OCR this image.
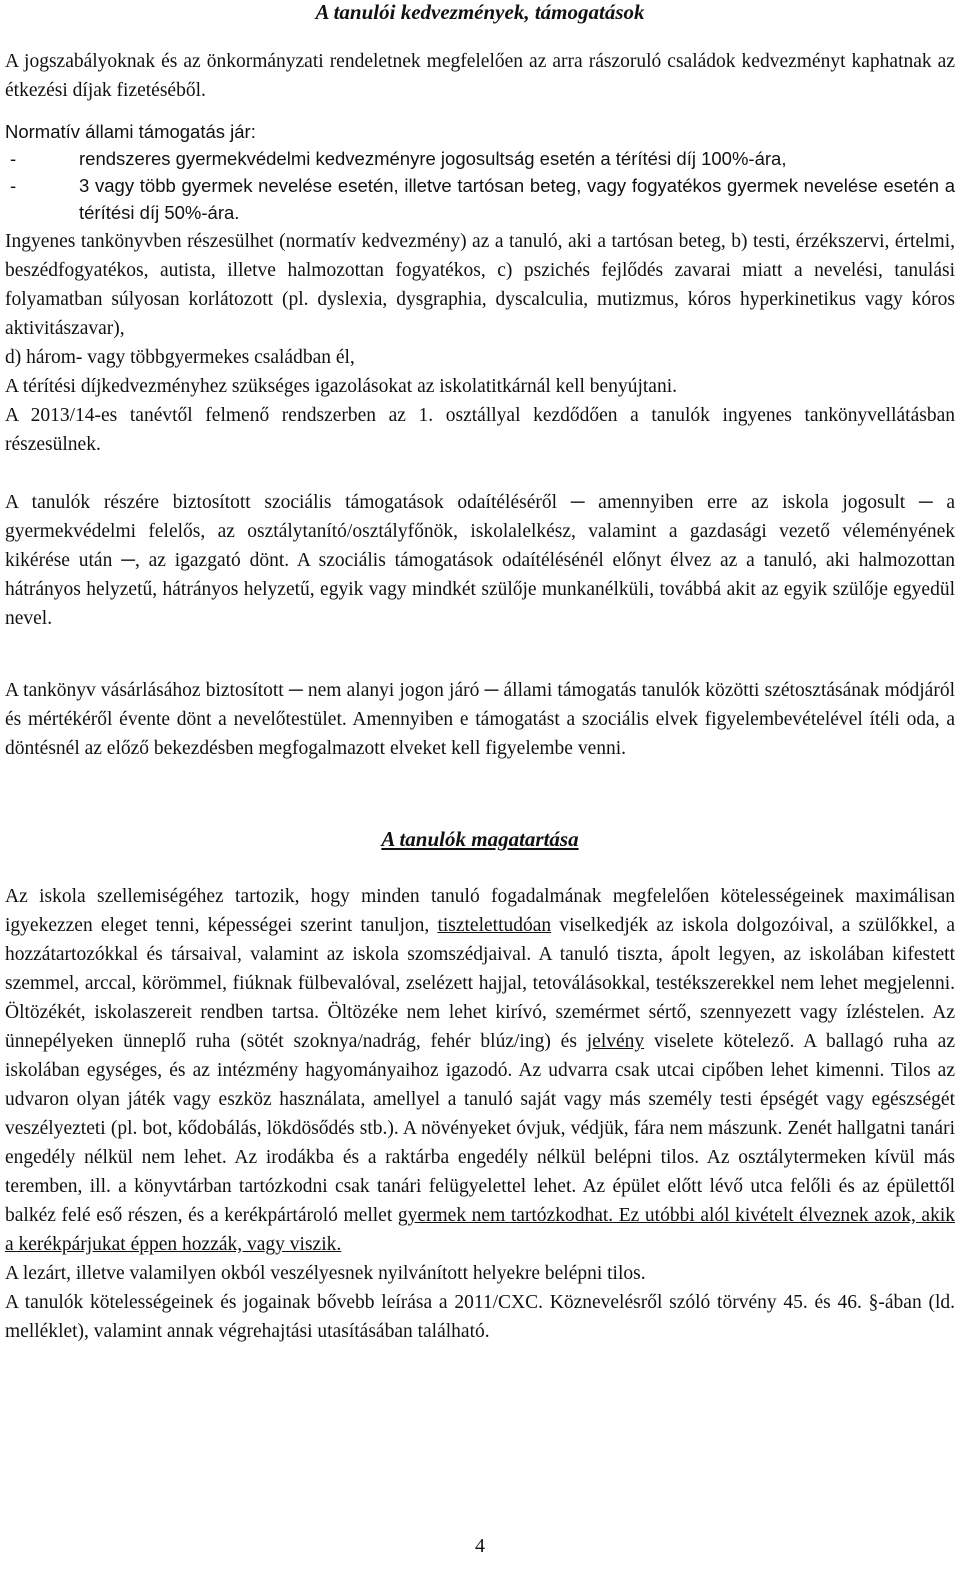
A tanulói kedvezmények, támogatások

A jogszabályoknak és az önkormányzati rendeletnek megfelelően az arra rászoruló családok kedvezményt kaphatnak az étkezési díjak fizetéséből.

Normatív állami támogatás jár:

-	rendszeres gyermekvédelmi kedvezményre jogosultság esetén a térítési díj 100%-ára,
-	3 vagy több gyermek nevelése esetén, illetve tartósan beteg, vagy fogyatékos gyermek nevelése esetén a térítési díj 50%-ára.
Ingyenes tankönyvben részesülhet (normatív kedvezmény) az a tanuló, aki a tartósan beteg, b) testi, érzékszervi, értelmi, beszédfogyatékos, autista, illetve halmozottan fogyatékos, c) pszichés fejlődés zavarai miatt a nevelési, tanulási folyamatban súlyosan korlátozott (pl. dyslexia, dysgraphia, dyscalculia, mutizmus, kóros hyperkinetikus vagy kóros aktivitászavar),
d) három- vagy többgyermekes családban él,
A térítési díjkedvezményhez szükséges igazolásokat az iskolatitkárnál kell benyújtani.
A 2013/14-es tanévtől felmenő rendszerben az 1. osztállyal kezdődően a tanulók ingyenes tankönyvellátásban részesülnek.

A tanulók részére biztosított szociális támogatások odaítéléséről ─ amennyiben erre az iskola jogosult ─ a gyermekvédelmi felelős, az osztálytanító/osztályfőnök, iskolalelkész, valamint a gazdasági vezető véleményének kikérése után ─, az igazgató dönt. A szociális támogatások odaítélésénél előnyt élvez az a tanuló, aki halmozottan hátrányos helyzetű, hátrányos helyzetű, egyik vagy mindkét szülője munkanélküli, továbbá akit az egyik szülője egyedül nevel.

A tankönyv vásárlásához biztosított ─ nem alanyi jogon járó ─ állami támogatás tanulók közötti szétosztásának módjáról és mértékéről évente dönt a nevelőtestület. Amennyiben e támogatást a szociális elvek figyelembevételével ítéli oda, a döntésnél az előző bekezdésben megfogalmazott elveket kell figyelembe venni.

A tanulók magatartása
Az iskola szellemiségéhez tartozik, hogy minden tanuló fogadalmának megfelelően kötelességeinek maximálisan igyekezzen eleget tenni, képességei szerint tanuljon, tisztelettudóan viselkedjék az iskola dolgozóival, a szülőkkel, a hozzátartozókkal és társaival, valamint az iskola szomszédjaival. A tanuló tiszta, ápolt legyen, az iskolában kifestett szemmel, arccal, körömmel, fiúknak fülbevalóval, zselézett hajjal, tetoválásokkal, testékszerekkel nem lehet megjelenni. Öltözékét, iskolaszereit rendben tartsa. Öltözéke nem lehet kirívó, szemérmet sértő, szennyezett vagy ízléstelen. Az ünnepélyeken ünneplő ruha (sötét szoknya/nadrág, fehér blúz/ing) és jelvény viselete kötelező. A ballagó ruha az iskolában egységes, és az intézmény hagyományaihoz igazodó. Az udvarra csak utcai cipőben lehet kimenni. Tilos az udvaron olyan játék vagy eszköz használata, amellyel a tanuló saját vagy más személy testi épségét vagy egészségét veszélyezteti (pl. bot, kődobálás, lökdösődés stb.). A növényeket óvjuk, védjük, fára nem mászunk. Zenét hallgatni tanári engedély nélkül nem lehet. Az irodákba és a raktárba engedély nélkül belépni tilos. Az osztálytermeken kívül más teremben, ill. a könyvtárban tartózkodni csak tanári felügyelettel lehet. Az épület előtt lévő utca felőli és az épülettől balkéz felé eső részen, és a kerékpártároló mellet gyermek nem tartózkodhat. Ez utóbbi alól kivételt élveznek azok, akik a kerékpárjukat éppen hozzák, vagy viszik.
A lezárt, illetve valamilyen okból veszélyesnek nyilvánított helyekre belépni tilos.
A tanulók kötelességeinek és jogainak bővebb leírása a 2011/CXC. Köznevelésről szóló törvény 45. és 46. §-ában (ld. melléklet), valamint annak végrehajtási utasításában található.
4
